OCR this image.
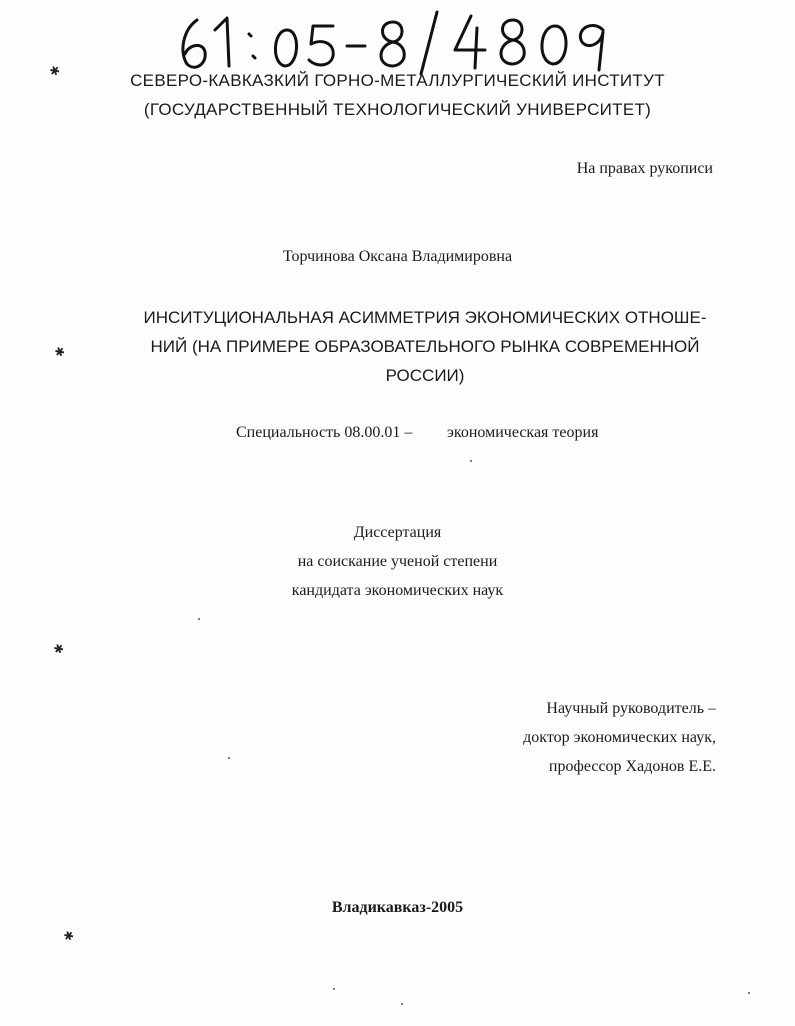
СЕВЕРО-КАВКАЗКИЙ ГОРНО-МЕТАЛЛУРГИЧЕСКИЙ ИНСТИТУТ
(ГОСУДАРСТВЕННЫЙ ТЕХНОЛОГИЧЕСКИЙ УНИВЕРСИТЕТ)
На правах рукописи
Торчинова Оксана Владимировна
ИНСИТУЦИОНАЛЬНАЯ АСИММЕТРИЯ ЭКОНОМИЧЕСКИХ ОТНОШЕ-
НИЙ (НА ПРИМЕРЕ ОБРАЗОВАТЕЛЬНОГО РЫНКА СОВРЕМЕННОЙ
РОССИИ)
Специальность 08.00.01 – экономическая теория
Диссертация
на соискание ученой степени
кандидата экономических наук
Научный руководитель –
доктор экономических наук,
профессор Хадонов Е.Е.
Владикавказ-2005
✱
✱
✱
✱
